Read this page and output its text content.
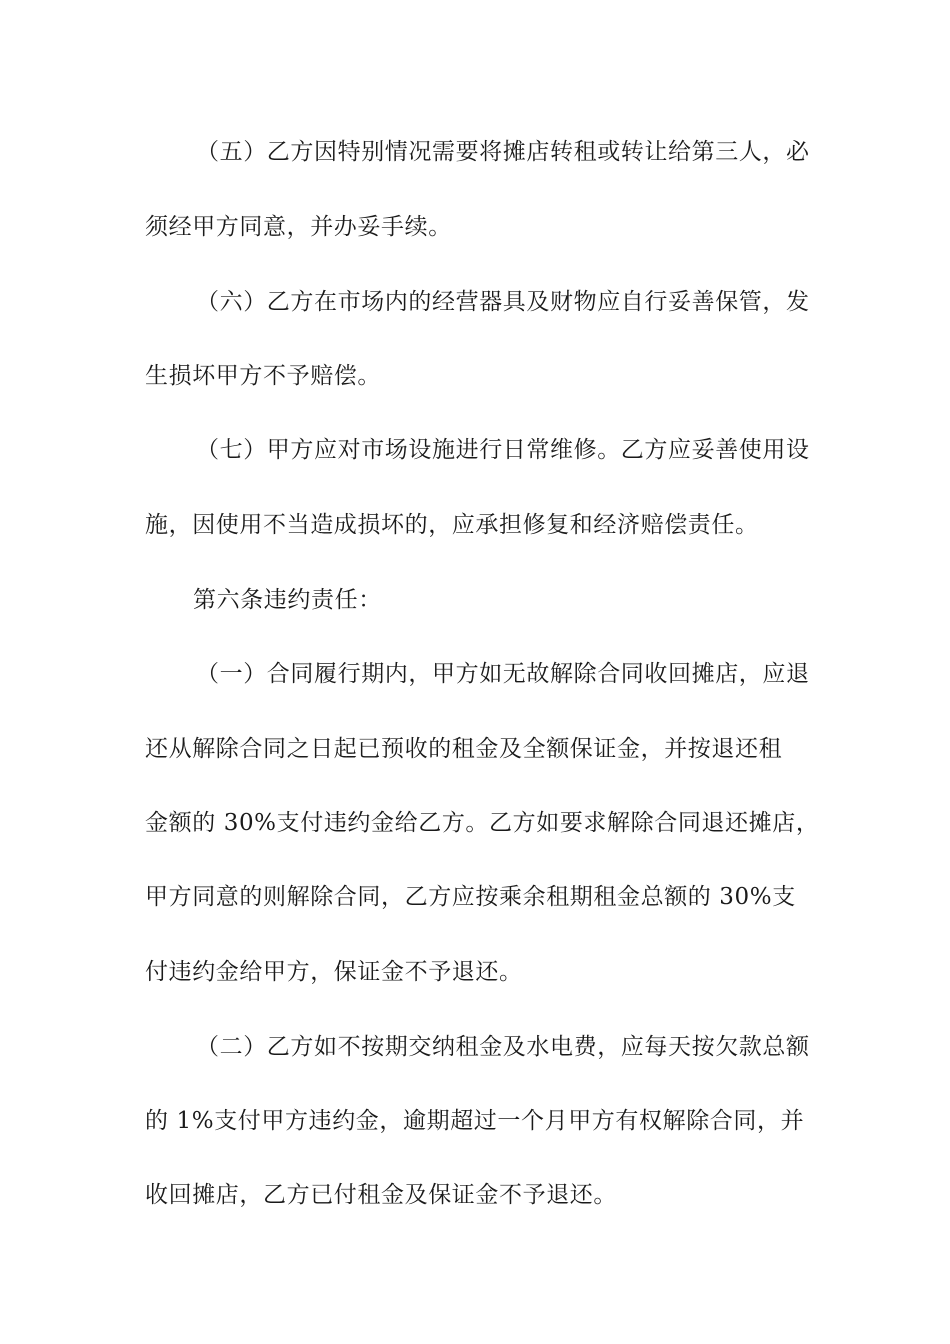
（五）乙方因特别情况需要将摊店转租或转让给第三人，必
须经甲方同意，并办妥手续。
（六）乙方在市场内的经营器具及财物应自行妥善保管，发
生损坏甲方不予赔偿。
（七）甲方应对市场设施进行日常维修。乙方应妥善使用设
施，因使用不当造成损坏的，应承担修复和经济赔偿责任。
第六条违约责任：
（一）合同履行期内，甲方如无故解除合同收回摊店，应退
还从解除合同之日起已预收的租金及全额保证金，并按退还租
金额的 30%支付违约金给乙方。乙方如要求解除合同退还摊店，
甲方同意的则解除合同，乙方应按乘余租期租金总额的 30%支
付违约金给甲方，保证金不予退还。
（二）乙方如不按期交纳租金及水电费，应每天按欠款总额
的 1%支付甲方违约金，逾期超过一个月甲方有权解除合同，并
收回摊店，乙方已付租金及保证金不予退还。
